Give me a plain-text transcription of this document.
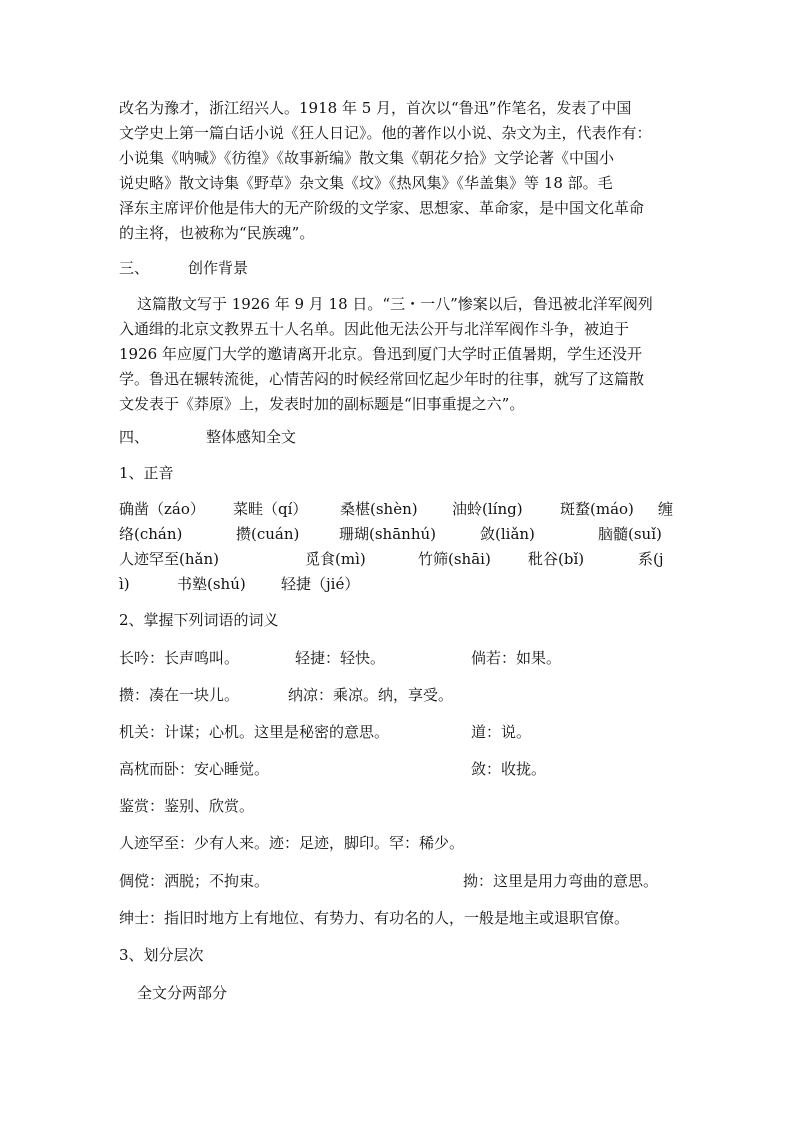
改名为豫才，浙江绍兴人。1918 年 5 月，首次以“鲁迅”作笔名，发表了中国
文学史上第一篇白话小说《狂人日记》。他的著作以小说、杂文为主，代表作有：
小说集《呐喊》《彷徨》《故事新编》散文集《朝花夕拾》文学论著《中国小
说史略》散文诗集《野草》杂文集《坟》《热风集》《华盖集》等 18 部。毛
泽东主席评价他是伟大的无产阶级的文学家、思想家、革命家，是中国文化革命
的主将，也被称为“民族魂”。
三、	创作背景
这篇散文写于 1926 年 9 月 18 日。“三・一八”惨案以后，鲁迅被北洋军阀列
入通缉的北京文教界五十人名单。因此他无法公开与北洋军阀作斗争，被迫于
1926 年应厦门大学的邀请离开北京。鲁迅到厦门大学时正值暑期，学生还没开
学。鲁迅在辗转流徙，心情苦闷的时候经常回忆起少年时的往事，就写了这篇散
文发表于《莽原》上，发表时加的副标题是“旧事重提之六”。
四、	整体感知全文
1、正音
确凿（záo） 菜畦（qí） 桑椹(shèn) 油蛉(líng) 斑蝥(máo) 缠
络(chán)	攒(cuán)	珊瑚(shānhú)	敛(liǎn)	脑髓(suǐ)
人迹罕至(hǎn)	觅食(mì)	竹筛(shāi) 秕谷(bǐ)	系(j
ì)	书塾(shú) 轻捷（jié）
2、掌握下列词语的词义
长吟：长声鸣叫。	轻捷：轻快。	倘若：如果。
攒：凑在一块儿。	纳凉：乘凉。纳，享受。
机关：计谋；心机。这里是秘密的意思。	道：说。
高枕而卧：安心睡觉。	敛：收拢。
鉴赏：鉴别、欣赏。
人迹罕至：少有人来。迹：足迹，脚印。罕：稀少。
倜傥：洒脱；不拘束。	拗：这里是用力弯曲的意思。
绅士：指旧时地方上有地位、有势力、有功名的人，一般是地主或退职官僚。
3、划分层次
全文分两部分
